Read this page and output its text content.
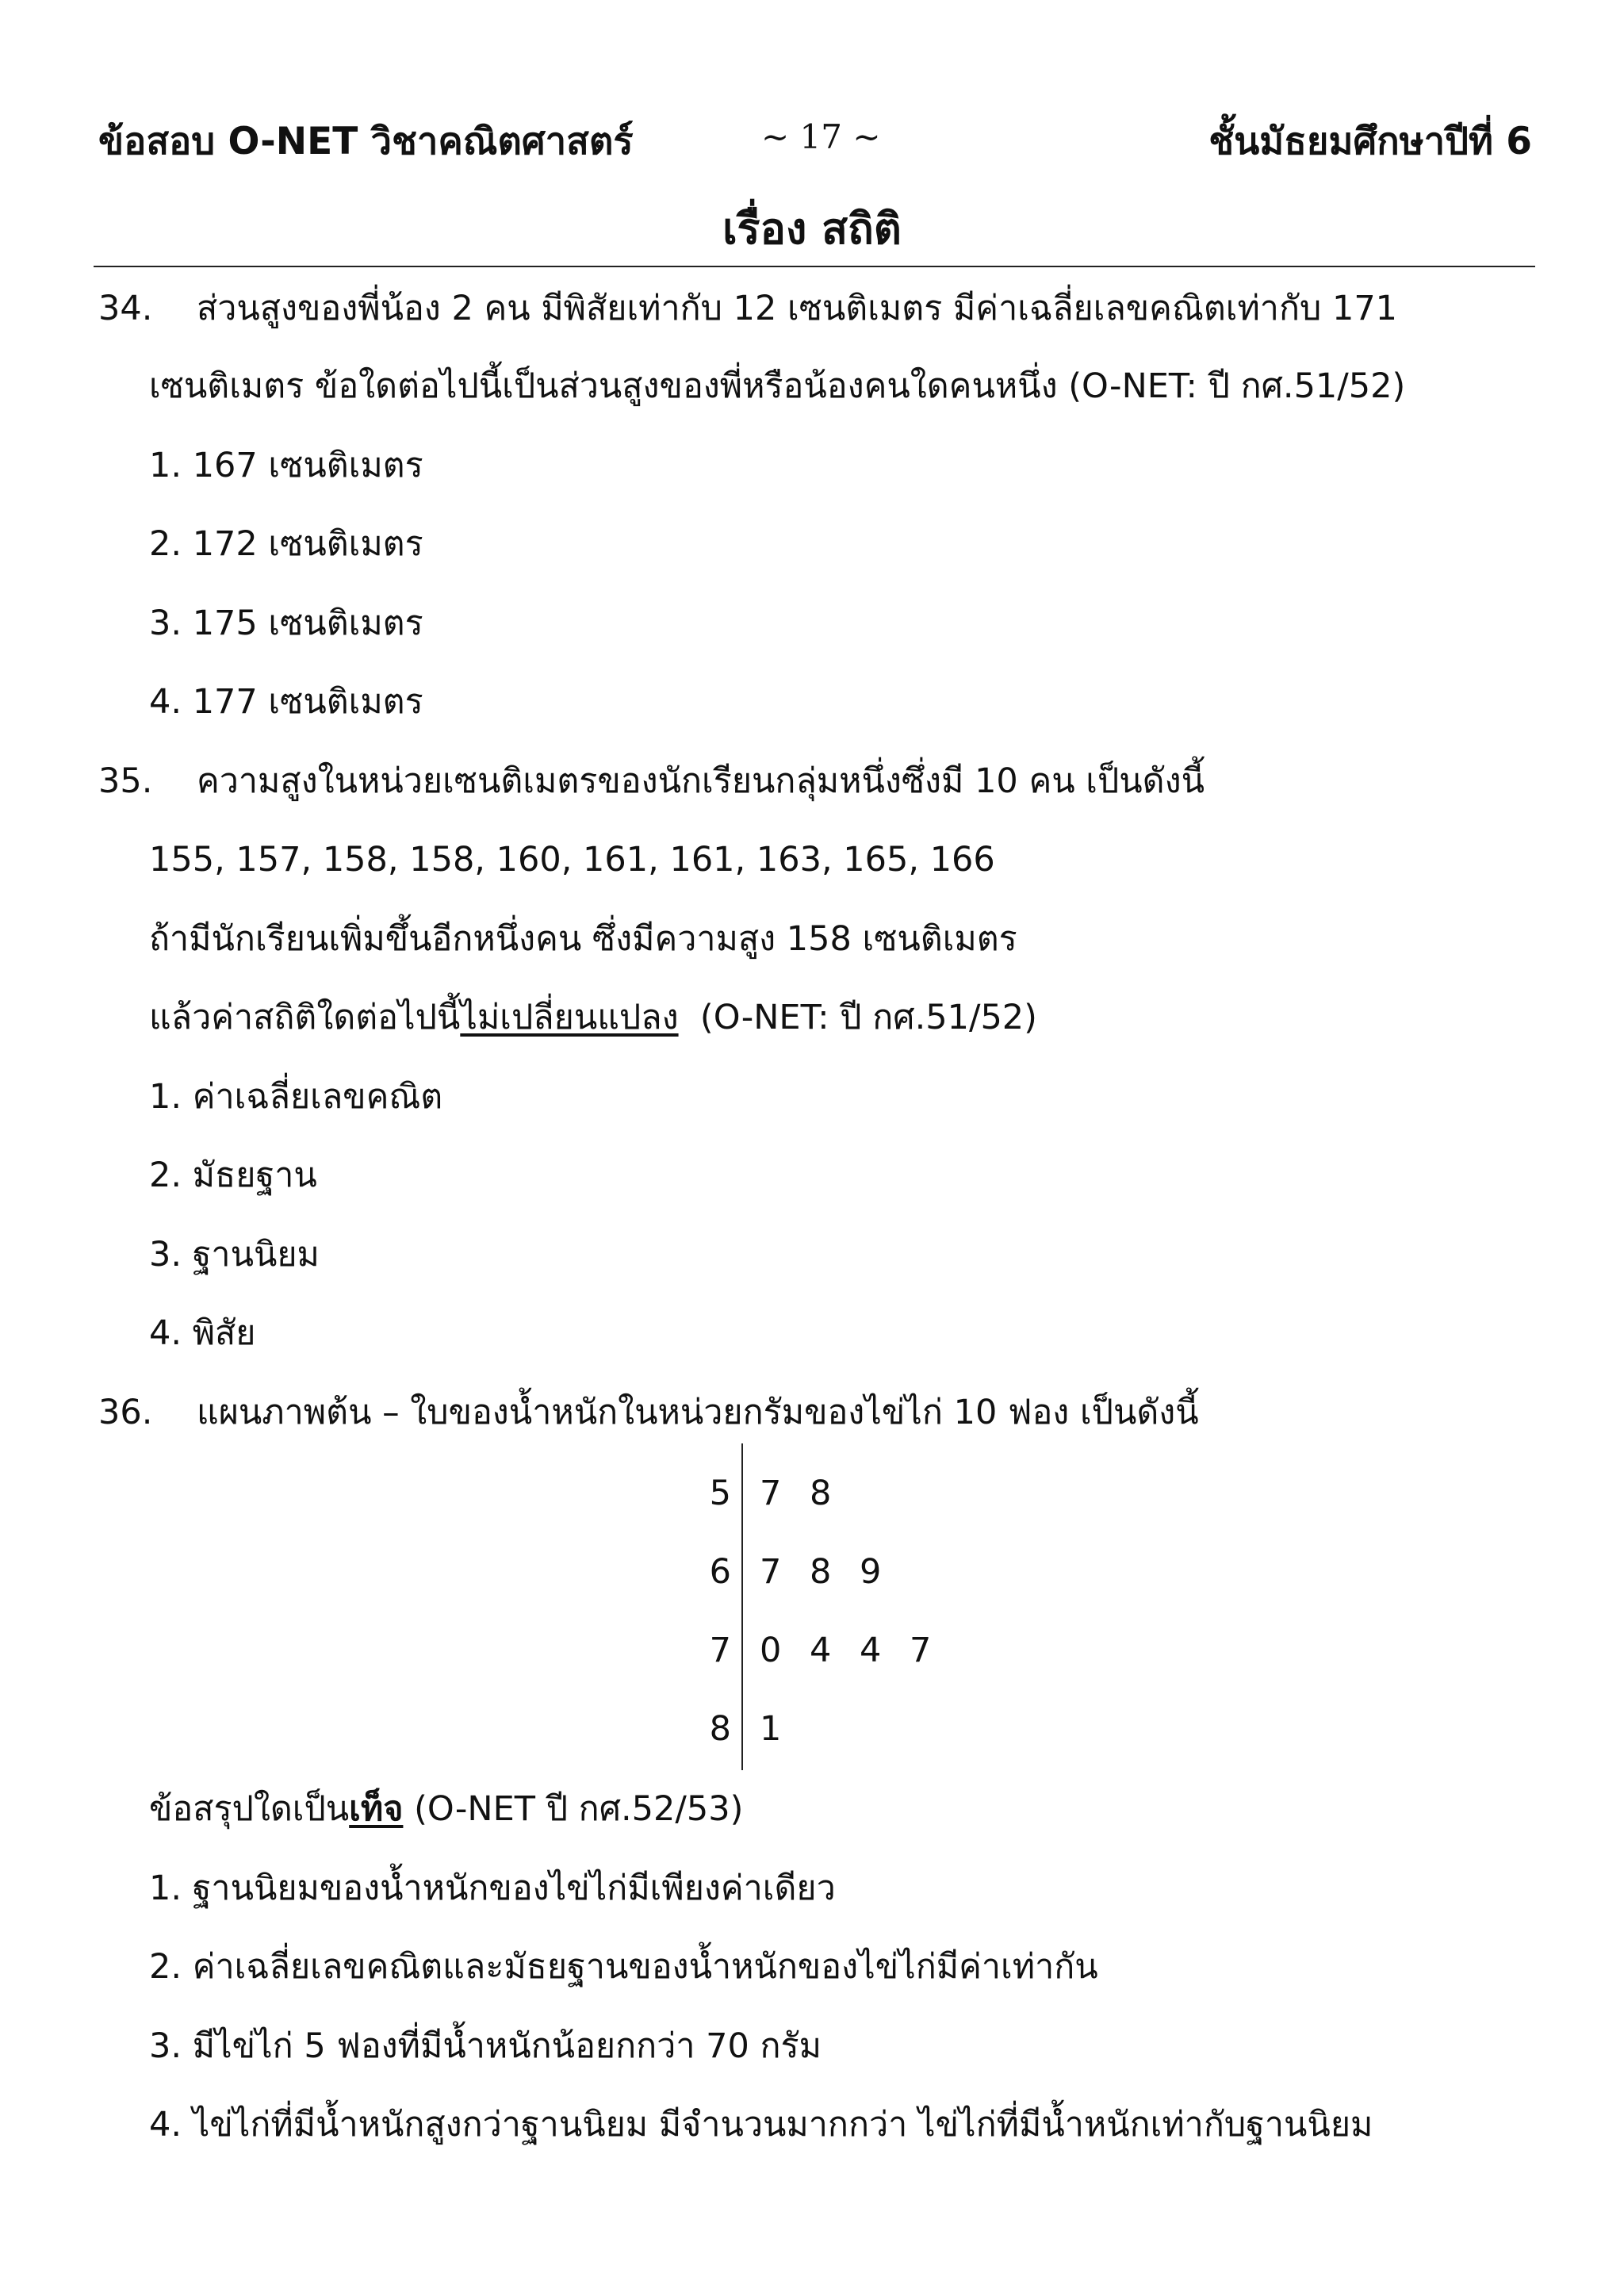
ข้อสอบ O-NET วิชาคณิตศาสตร์	~ 17 ~	ชั้นมัธยมศึกษาปีที่ 6
เรื่อง สถิติ
34. ส่วนสูงของพี่น้อง 2 คน มีพิสัยเท่ากับ 12 เซนติเมตร มีค่าเฉลี่ยเลขคณิตเท่ากับ 171
เซนติเมตร ข้อใดต่อไปนี้เป็นส่วนสูงของพี่หรือน้องคนใดคนหนึ่ง (O-NET: ปี กศ.51/52)
1. 167 เซนติเมตร
2. 172 เซนติเมตร
3. 175 เซนติเมตร
4. 177 เซนติเมตร
35. ความสูงในหน่วยเซนติเมตรของนักเรียนกลุ่มหนึ่งซึ่งมี 10 คน เป็นดังนี้
155, 157, 158, 158, 160, 161, 161, 163, 165, 166
ถ้ามีนักเรียนเพิ่มขึ้นอีกหนึ่งคน ซึ่งมีความสูง 158 เซนติเมตร
แล้วค่าสถิติใดต่อไปนี้ไม่เปลี่ยนแปลง  (O-NET: ปี กศ.51/52)
1. ค่าเฉลี่ยเลขคณิต
2. มัธยฐาน
3. ฐานนิยม
4. พิสัย
36. แผนภาพต้น – ใบของน้ำหนักในหน่วยกรัมของไข่ไก่ 10 ฟอง เป็นดังนี้
5 7 8
6 7 8 9
7 0 4 4 7
8 1
ข้อสรุปใดเป็นเท็จ (O-NET ปี กศ.52/53)
1. ฐานนิยมของน้ำหนักของไข่ไก่มีเพียงค่าเดียว
2. ค่าเฉลี่ยเลขคณิตและมัธยฐานของน้ำหนักของไข่ไก่มีค่าเท่ากัน
3. มีไข่ไก่ 5 ฟองที่มีน้ำหนักน้อยกกว่า 70 กรัม
4. ไข่ไก่ที่มีน้ำหนักสูงกว่าฐานนิยม มีจำนวนมากกว่า ไข่ไก่ที่มีน้ำหนักเท่ากับฐานนิยม
